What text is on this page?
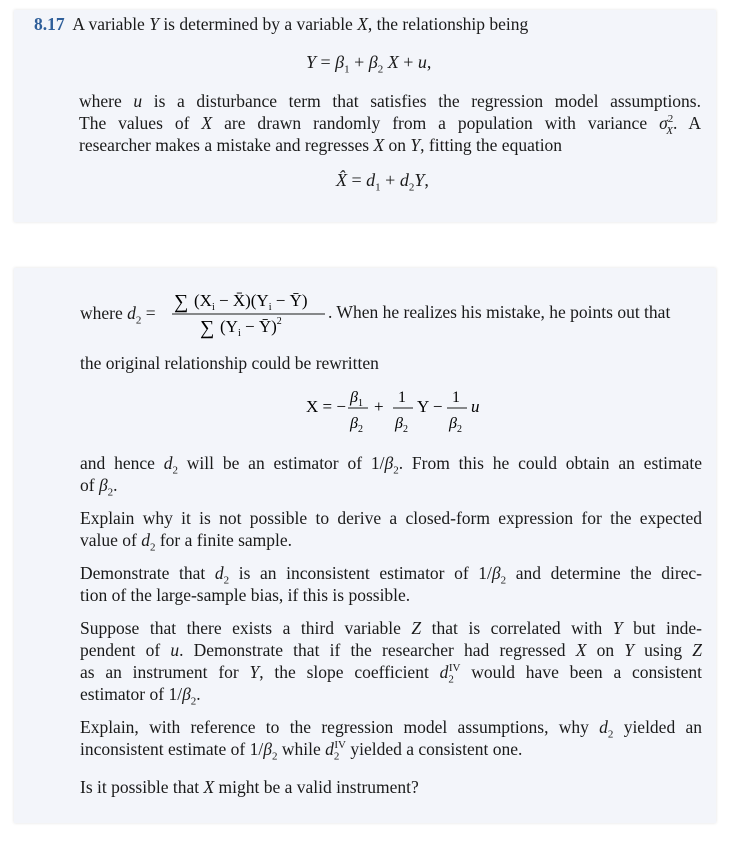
8.17 A variable Y is determined by a variable X, the relationship being
$Y = \beta_1 + \beta_2$ X + u,
where u is a disturbance term that satisfies the regression model assumptions.
The values of X are drawn randomly from a population with variance $\sigma^2_X$. A
researcher makes a mistake and regresses X on Y, fitting the equation
X̂ = $d_1 + d_2Y$,
where $d_2$ = ∑ ($X_i$ − $X̄)(Y_i$ − Ȳ)
∑ ($Y_i$ − Ȳ)$^2$	. When he realizes his mistake, he points out that
the original relationship could be rewritten
X = − $\beta_1$
$\beta_2$
+ 1
$\beta_2$
Y − 1
$\beta_2$
u
and hence $d_2$ will be an estimator of $1/\beta_2$. From this he could obtain an estimate
of $\beta_2$.
Explain why it is not possible to derive a closed-form expression for the expected
value of $d_2$ for a finite sample.
Demonstrate that $d_2$ is an inconsistent estimator of $1/\beta_2$ and determine the direc-
tion of the large-sample bias, if this is possible.
Suppose that there exists a third variable Z that is correlated with Y but inde-
pendent of u. Demonstrate that if the researcher had regressed X on Y using Z
as an instrument for Y, the slope coefficient $d_2^{IV}$ would have been a consistent
estimator of $1/\beta_2$.
Explain, with reference to the regression model assumptions, why $d_2$ yielded an
inconsistent estimate of $1/\beta_2$ while $d_2^{IV}$ yielded a consistent one.
Is it possible that X might be a valid instrument?
